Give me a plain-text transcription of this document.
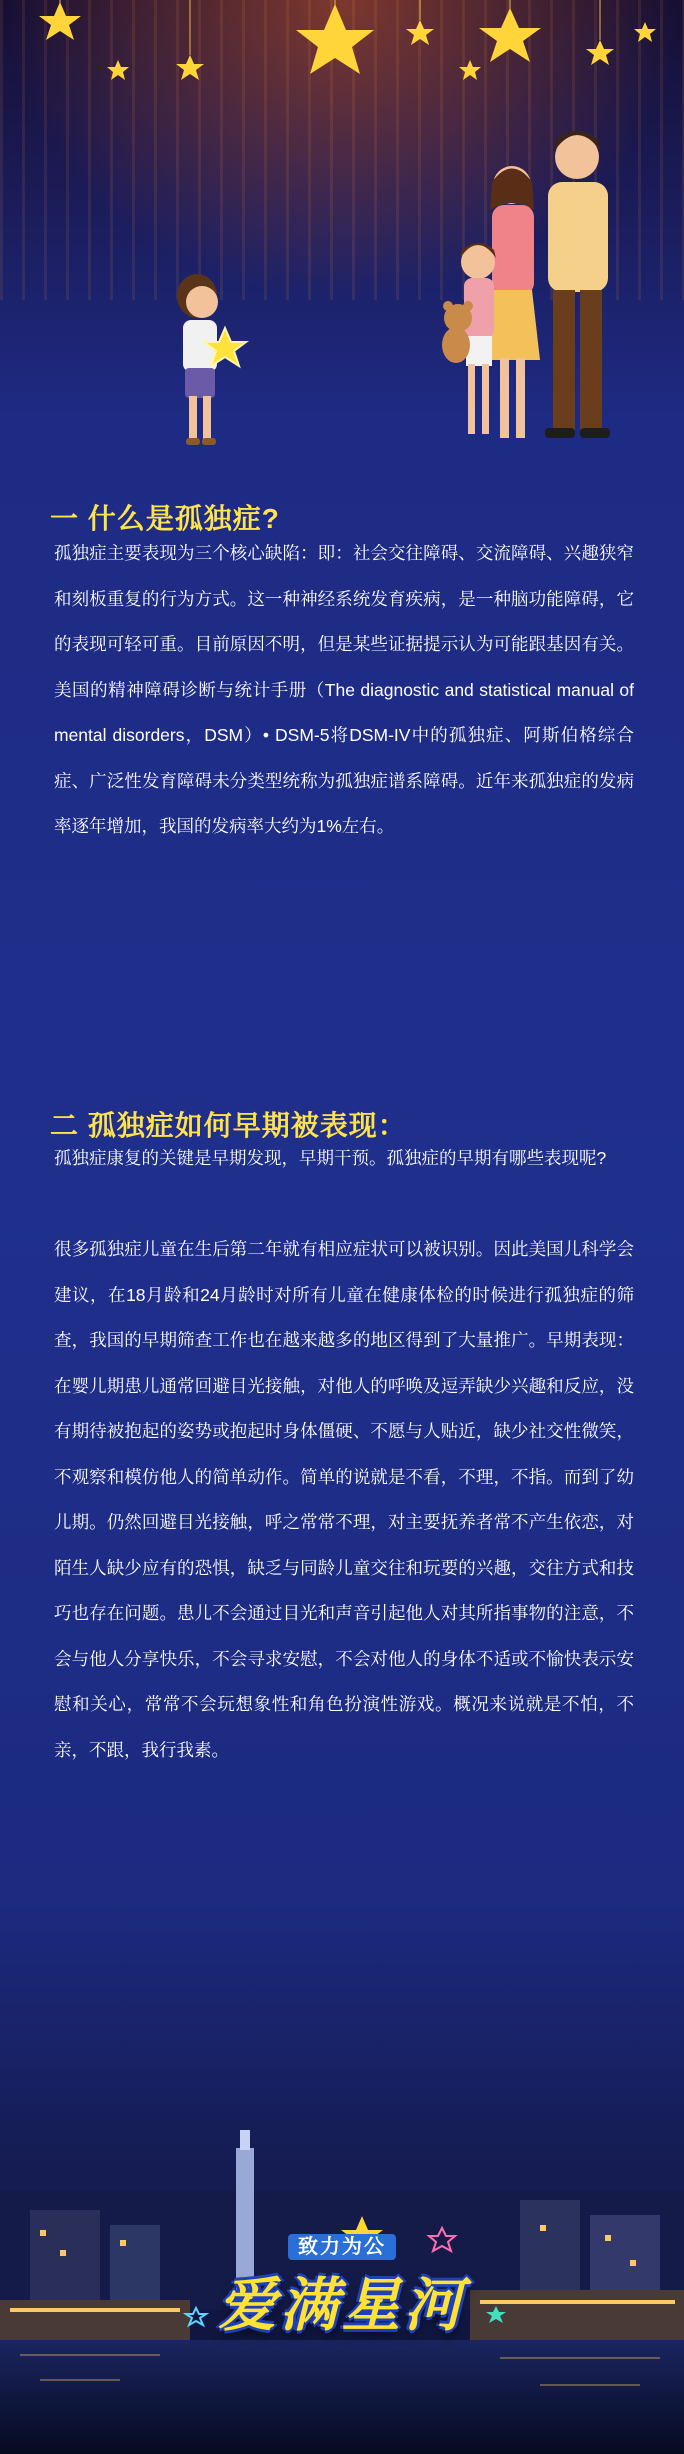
一 什么是孤独症?

孤独症主要表现为三个核心缺陷：即：社会交往障碍、交流障碍、兴趣狭窄和刻板重复的行为方式。这一种神经系统发育疾病，是一种脑功能障碍，它的表现可轻可重。目前原因不明，但是某些证据提示认为可能跟基因有关。美国的精神障碍诊断与统计手册（The diagnostic and statistical manual of mental disorders，DSM）• DSM-5将DSM-IV中的孤独症、阿斯伯格综合症、广泛性发育障碍未分类型统称为孤独症谱系障碍。近年来孤独症的发病率逐年增加，我国的发病率大约为1%左右。

二 孤独症如何早期被表现：

孤独症康复的关键是早期发现，早期干预。孤独症的早期有哪些表现呢?

很多孤独症儿童在生后第二年就有相应症状可以被识别。因此美国儿科学会建议，在18月龄和24月龄时对所有儿童在健康体检的时候进行孤独症的筛查，我国的早期筛查工作也在越来越多的地区得到了大量推广。早期表现：在婴儿期患儿通常回避目光接触，对他人的呼唤及逗弄缺少兴趣和反应，没有期待被抱起的姿势或抱起时身体僵硬、不愿与人贴近，缺少社交性微笑，不观察和模仿他人的简单动作。简单的说就是不看，不理，不指。而到了幼儿期。仍然回避目光接触，呼之常常不理，对主要抚养者常不产生依恋，对陌生人缺少应有的恐惧，缺乏与同龄儿童交往和玩要的兴趣，交往方式和技巧也存在问题。患儿不会通过目光和声音引起他人对其所指事物的注意，不会与他人分享快乐，不会寻求安慰，不会对他人的身体不适或不愉快表示安慰和关心，常常不会玩想象性和角色扮演性游戏。概况来说就是不怕，不亲，不跟，我行我素。

致力为公
爱满星河
